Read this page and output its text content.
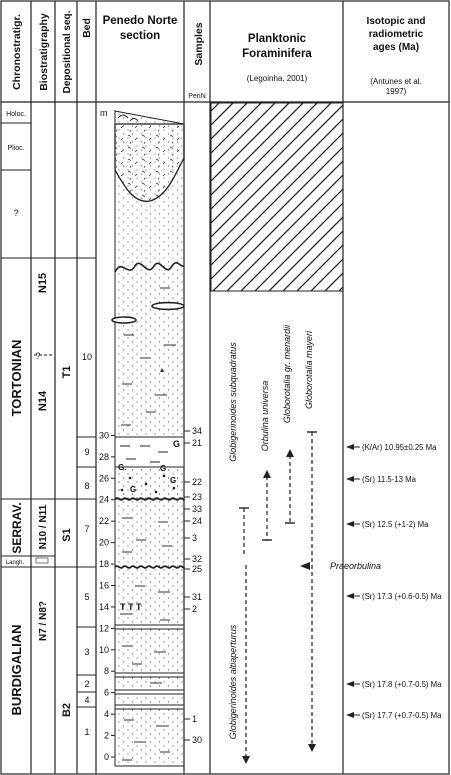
Chronostratigr. Biostratigraphy Depositional seq. Bed Penedo Norte
section	Samples
PenN
Planktonic
Foraminifera
(Legoinha, 2001)
Isotopic and
radiometric
ages (Ma)
(Antunes et al.
1997)
Holoc.
Plioc.
?
TORTONIAN
SERRAV.
Langh.
BURDIGALIAN
N15
?
N14
N10 / N11
N7 / N8?
T1
S1
B2
1
2
3
4
5
7
8
9
10
m
0
2
4
6
8
10
12
14
16
18
20
22
24
26
28
30
G
G
G
T T T
34
21
22
23
33
24
3
32
25
31
2
1
30
Globigerinoides altiaperturus
Globigerinoides subquadratus Orbulina universa Globorotalia gr. menardii Globorotalia mayeri
Praeorbulina
(K/Ar) 10.95±0.25 Ma
(Sr) 11.5-13 Ma
(Sr) 12.5 (+1-2) Ma
(Sr) 17.3 (+0.6-0.5) Ma
(Sr) 17.8 (+0.7-0.5) Ma
(Sr) 17.7 (+0.7-0.5) Ma
